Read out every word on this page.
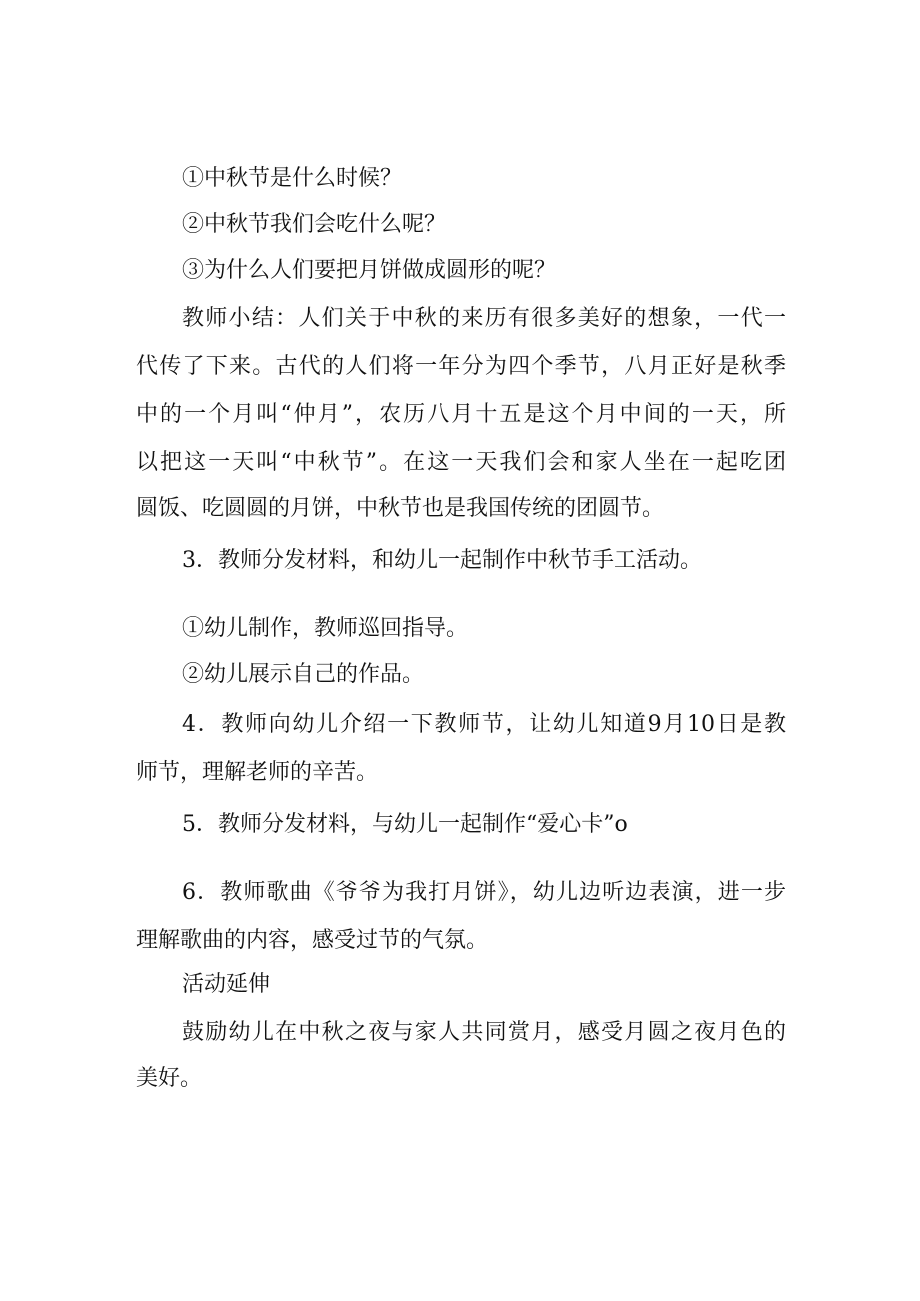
①中秋节是什么时候？

②中秋节我们会吃什么呢？

③为什么人们要把月饼做成圆形的呢？

教师小结：人们关于中秋的来历有很多美好的想象，一代一

代传了下来。古代的人们将一年分为四个季节，八月正好是秋季

中的一个月叫“仲月”，农历八月十五是这个月中间的一天，所

以把这一天叫“中秋节”。在这一天我们会和家人坐在一起吃团

圆饭、吃圆圆的月饼，中秋节也是我国传统的团圆节。

3．教师分发材料，和幼儿一起制作中秋节手工活动。

①幼儿制作，教师巡回指导。

②幼儿展示自己的作品。

4．教师向幼儿介绍一下教师节，让幼儿知道9月10日是教

师节，理解老师的辛苦。

5．教师分发材料，与幼儿一起制作“爱心卡”o

6．教师歌曲《爷爷为我打月饼》，幼儿边听边表演，进一步

理解歌曲的内容，感受过节的气氛。

活动延伸

鼓励幼儿在中秋之夜与家人共同赏月，感受月圆之夜月色的

美好。
